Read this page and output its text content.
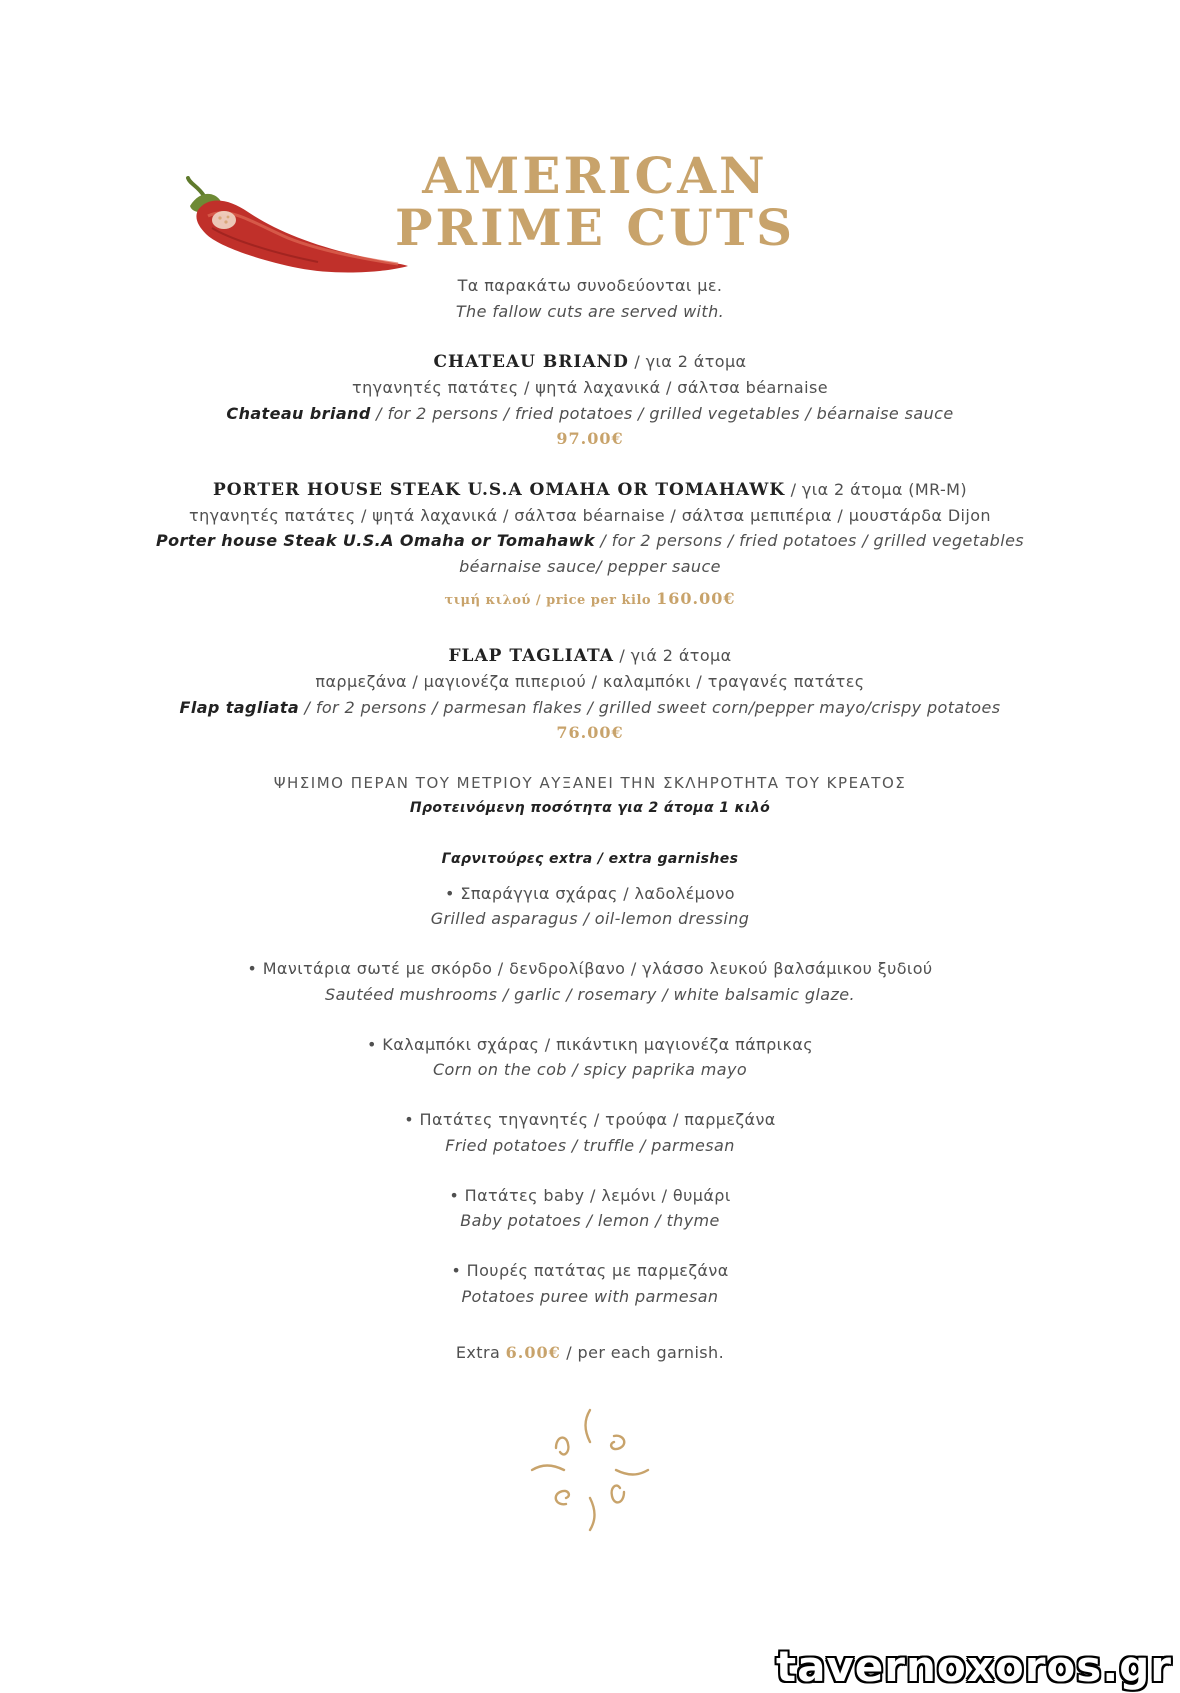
AMERICAN
PRIME CUTS
Τα παρακάτω συνοδεύονται με.
The fallow cuts are served with.
CHATEAU BRIAND / για 2 άτομα
τηγανητές πατάτες / ψητά λαχανικά / σάλτσα béarnaise
Chateau briand / for 2 persons / fried potatoes / grilled vegetables / béarnaise sauce
97.00€
PORTER HOUSE STEAK U.S.A OMAHA OR TOMAHAWK / για 2 άτομα (MR-M)
τηγανητές πατάτες / ψητά λαχανικά / σάλτσα béarnaise / σάλτσα μεπιπέρια / μουστάρδα Dijon
Porter house Steak U.S.A Omaha or Tomahawk / for 2 persons / fried potatoes / grilled vegetables
béarnaise sauce/ pepper sauce
τιμή κιλού / price per kilo 160.00€
FLAP TAGLIATA / γιά 2 άτομα
παρμεζάνα / μαγιονέζα πιπεριού / καλαμπόκι / τραγανές πατάτες
Flap tagliata / for 2 persons / parmesan flakes / grilled sweet corn/pepper mayo/crispy potatoes
76.00€
ΨΗΣΙΜΟ ΠΕΡΑΝ ΤΟΥ ΜΕΤΡΙΟΥ ΑΥΞΑΝΕΙ ΤΗΝ ΣΚΛΗΡΟΤΗΤΑ ΤΟΥ ΚΡΕΑΤΟΣ
Προτεινόμενη ποσότητα για 2 άτομα 1 κιλό
Γαρνιτούρες extra / extra garnishes
• Σπαράγγια σχάρας / λαδολέμονο
Grilled asparagus / oil-lemon dressing
• Μανιτάρια σωτέ με σκόρδο / δενδρολίβανο / γλάσσο λευκού βαλσάμικου ξυδιού
Sautéed mushrooms / garlic / rosemary / white balsamic glaze.
• Καλαμπόκι σχάρας / πικάντικη μαγιονέζα πάπρικας
Corn on the cob / spicy paprika mayo
• Πατάτες τηγανητές / τρούφα / παρμεζάνα
Fried potatoes / truffle / parmesan
• Πατάτες baby / λεμόνι / θυμάρι
Baby potatoes / lemon / thyme
• Πουρές πατάτας με παρμεζάνα
Potatoes puree with parmesan
Extra 6.00€ / per each garnish.
tavernoxoros.gr
